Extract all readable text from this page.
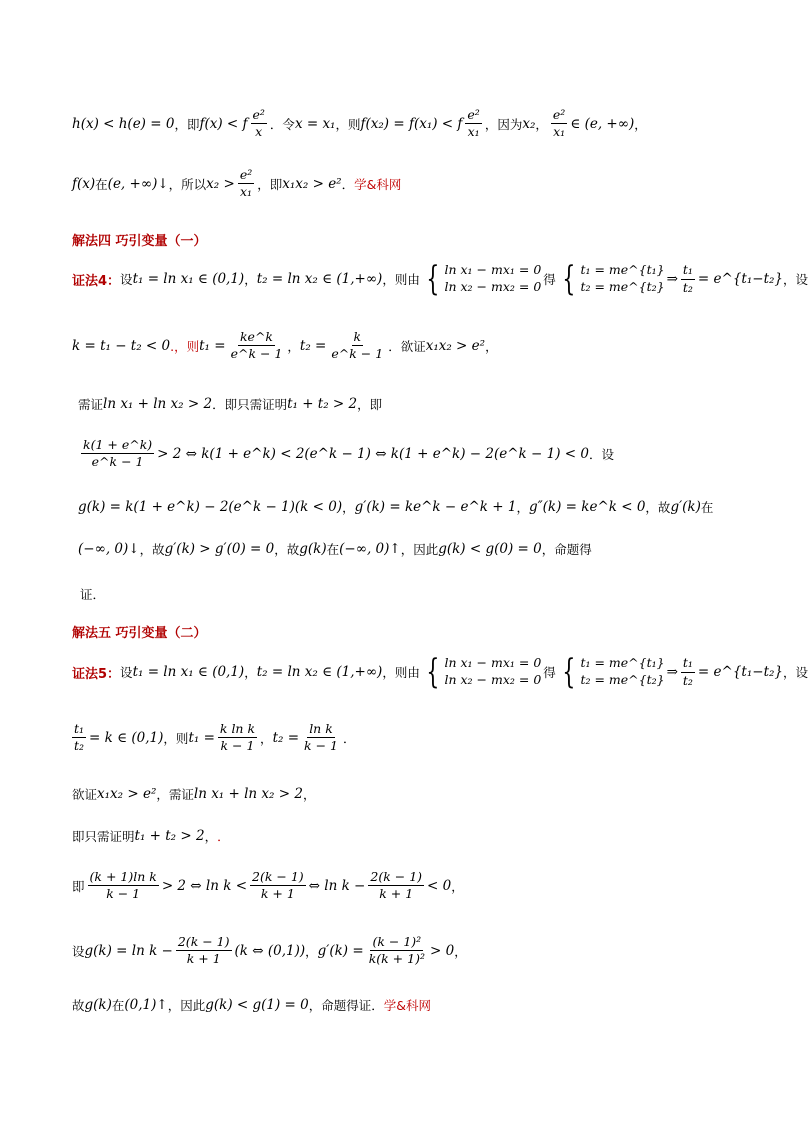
h(x) < h(e) = 0 ，即 f(x) < f $\frac{\text{e²}}{x}$ ．令 x = x₁ ，则 f(x₂) = f(x₁) < f $\frac{\text{e²}}{\text{x₁}}$ ，因为 x₂ ， $\frac{\text{e²}}{\text{x₁}}$ ∈ (e, +∞) ，
f(x) 在 (e, +∞)↓ ，所以 $x_2 > \frac{\text{e²}}{\text{x₁}}$ ，即 x₁x₂ > e² ． 学&科网
解法四 巧引变量（一）
证法4： 设 t₁ = ln x₁ ∈ (0,1) ， t₂ = ln x₂ ∈ (1,+∞) ，则由 { ln x₁ − mx₁ = 0
ln x₂ − mx₂ = 0 得 { t₁ = me^{t₁}
t₂ = me^{t₂} ⇒ $\frac{\text{t₁}}{\text{t₂}}$ = e^{t₁−t₂} ，设
k = t₁ − t₂ < 0 .，则 $t_1 = \frac{ke\^{}k}{e\^{}k - 1}$ ， $t_2 = \frac{k}{e\^{}k - 1}$ ．欲证 x₁x₂ > e² ，
需证 ln x₁ + ln x₂ > 2 ．即只需证明 t₁ + t₂ > 2 ，即
$\frac{k(1 + e\^{}k)}{e\^{}k - 1} > 2$ ⇔ k(1 + e^k) < 2(e^k − 1) ⇔ k(1 + e^k) − 2(e^k − 1) < 0 ．设
g(k) = k(1 + e^k) − 2(e^k − 1)(k < 0) ， g′(k) = ke^k − e^k + 1 ， g″(k) = ke^k < 0 ，故 g′(k) 在
(−∞, 0)↓ ，故 g′(k) > g′(0) = 0 ，故 g(k) 在 (−∞, 0)↑ ，因此 g(k) < g(0) = 0 ，命题得
证．
解法五 巧引变量（二）
证法5： 设 t₁ = ln x₁ ∈ (0,1) ， t₂ = ln x₂ ∈ (1,+∞) ，则由 { ln x₁ − mx₁ = 0
ln x₂ − mx₂ = 0 得 { t₁ = me^{t₁}
t₂ = me^{t₂} ⇒ $\frac{\text{t₁}}{\text{t₂}}$ = e^{t₁−t₂} ，设
$\frac{\text{t₁}}{\text{t₂}} = k$ ∈ (0,1) ，则 $t_1 = \frac{\text{k ln k}}{k - 1}$ ， $t_2 = \frac{\text{ln k}}{k - 1}$ ．
欲证 x₁x₂ > e² ，需证 ln x₁ + ln x₂ > 2 ，
即只需证明 t₁ + t₂ > 2 ， ．
即 $\frac{\text{(k + 1)ln k}}{k - 1} > 2$ ⇔ $\ln k < \frac{2(k - 1)}{k + 1}$ ⇔ $\ln k - \frac{2(k - 1)}{k + 1} < 0$ ，
设 $g(k) = \ln k - \frac{2(k - 1)}{k + 1} (k$ ⇔ (0,1)) ， $g'(k) = \frac{\text{(k − 1)²}}{\text{k(k + 1)²}} > 0$ ，
故 g(k) 在 (0,1)↑ ，因此 g(k) < g(1) = 0 ，命题得证． 学&科网
